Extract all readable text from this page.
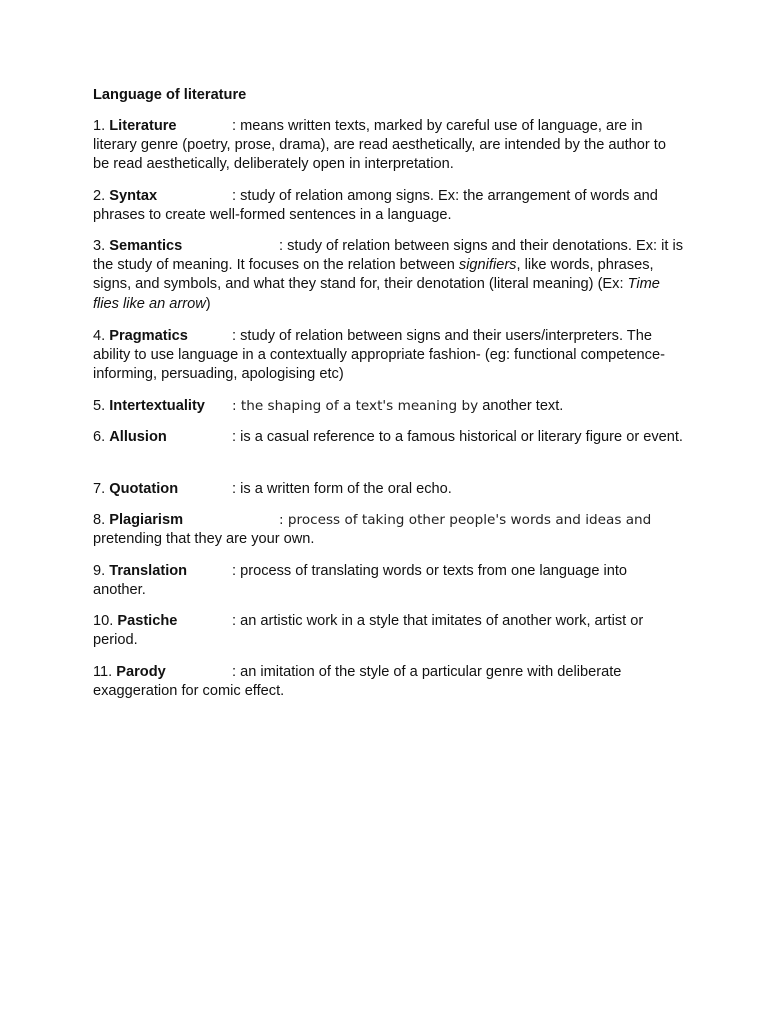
Language of literature
1. Literature	: means written texts, marked by careful use of language, are in literary genre (poetry, prose, drama), are read aesthetically, are intended by the author to be read aesthetically, deliberately open in interpretation.
2. Syntax	: study of relation among signs. Ex: the arrangement of words and phrases to create well-formed sentences in a language.
3. Semantics	: study of relation between signs and their denotations. Ex: it is the study of meaning. It focuses on the relation between signifiers, like words, phrases, signs, and symbols, and what they stand for, their denotation (literal meaning) (Ex: Time flies like an arrow)
4. Pragmatics	: study of relation between signs and their users/interpreters. The ability to use language in a contextually appropriate fashion- (eg: functional competence-informing, persuading, apologising etc)
5. Intertextuality : the shaping of a text's meaning by another text.
6. Allusion	: is a casual reference to a famous historical or literary figure or event.
7. Quotation	: is a written form of the oral echo.
8. Plagiarism	: process of taking other people's words and ideas and pretending that they are your own.
9. Translation	: process of translating words or texts from one language into another.
10. Pastiche	: an artistic work in a style that imitates of another work, artist or period.
11. Parody	: an imitation of the style of a particular genre with deliberate exaggeration for comic effect.
